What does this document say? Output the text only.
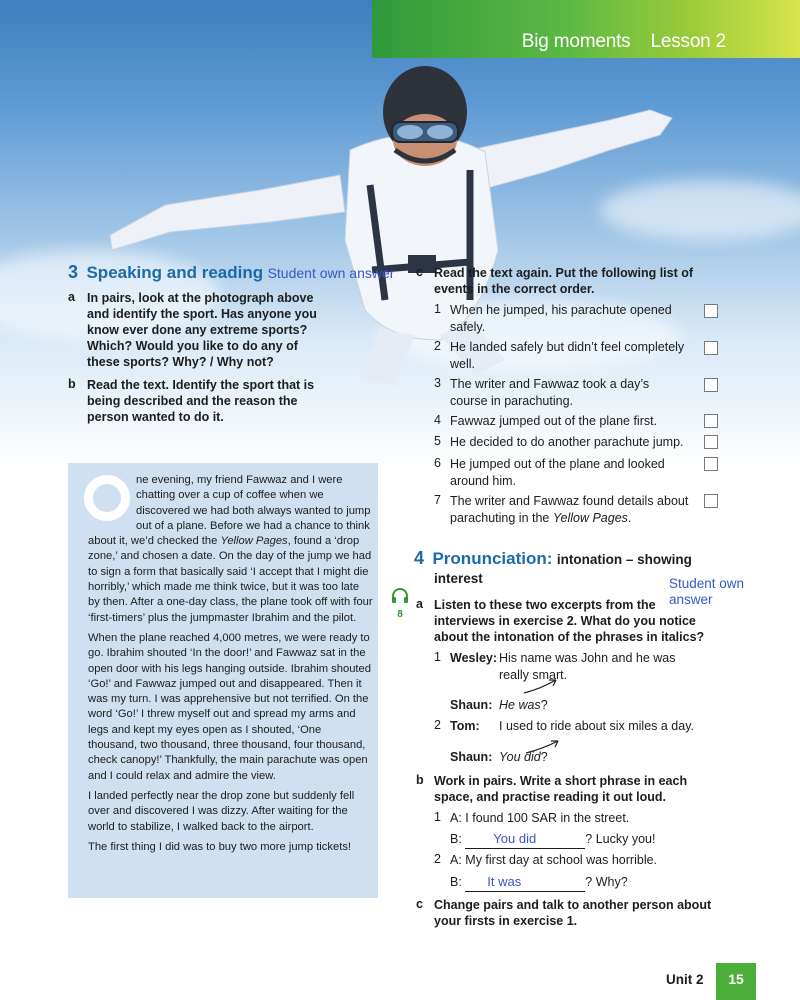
Big moments Lesson 2
3 Speaking and reading Student own answer
a In pairs, look at the photograph above
and identify the sport. Has anyone you
know ever done any extreme sports?
Which? Would you like to do any of
these sports? Why? / Why not?
b Read the text. Identify the sport that is
being described and the reason the
person wanted to do it.

ne evening, my friend Fawwaz and I were chatting over a cup of coffee when we discovered we had both always wanted to jump out of a plane. Before we had a chance to think about it, we’d checked the Yellow Pages, found a ‘drop zone,’ and chosen a date. On the day of the jump we had to sign a form that basically said ‘I accept that I might die horribly,’ which made me think twice, but it was too late by then. After a one-day class, the plane took off with four ‘first-timers’ plus the jumpmaster Ibrahim and the pilot.

When the plane reached 4,000 metres, we were ready to go. Ibrahim shouted ‘In the door!’ and Fawwaz sat in the open door with his legs hanging outside. Ibrahim shouted ‘Go!’ and Fawwaz jumped out and disappeared. Then it was my turn. I was apprehensive but not terrified. On the word ‘Go!’ I threw myself out and spread my arms and legs and kept my eyes open as I shouted, ‘One thousand, two thousand, three thousand, four thousand, check canopy!’ Thankfully, the main parachute was open and I could relax and admire the view.

I landed perfectly near the drop zone but suddenly fell over and discovered I was dizzy. After waiting for the world to stabilize, I walked back to the airport.

The first thing I did was to buy two more jump tickets!

c Read the text again. Put the following list of
events in the correct order.
1 When he jumped, his parachute opened
safely.
2 He landed safely but didn’t feel completely
well.
3 The writer and Fawwaz took a day’s
course in parachuting.
4 Fawwaz jumped out of the plane first.
5 He decided to do another parachute jump.
6 He jumped out of the plane and looked
around him.
7 The writer and Fawwaz found details about
parachuting in the Yellow Pages.
4 Pronunciation: intonation – showing
interest	Student own
answer
8
a Listen to these two excerpts from the
interviews in exercise 2. What do you notice
about the intonation of the phrases in italics?
1 Wesley: His name was John and he was
really smart.
Shaun: He was?
2 Tom: I used to ride about six miles a day.
Shaun: You did?
b Work in pairs. Write a short phrase in each
space, and practise reading it out loud.
1 A: I found 100 SAR in the street.
B: You did	? Lucky you!
2 A: My first day at school was horrible.
B: It was	? Why?
c Change pairs and talk to another person about
your firsts in exercise 1.
Unit 2	15
